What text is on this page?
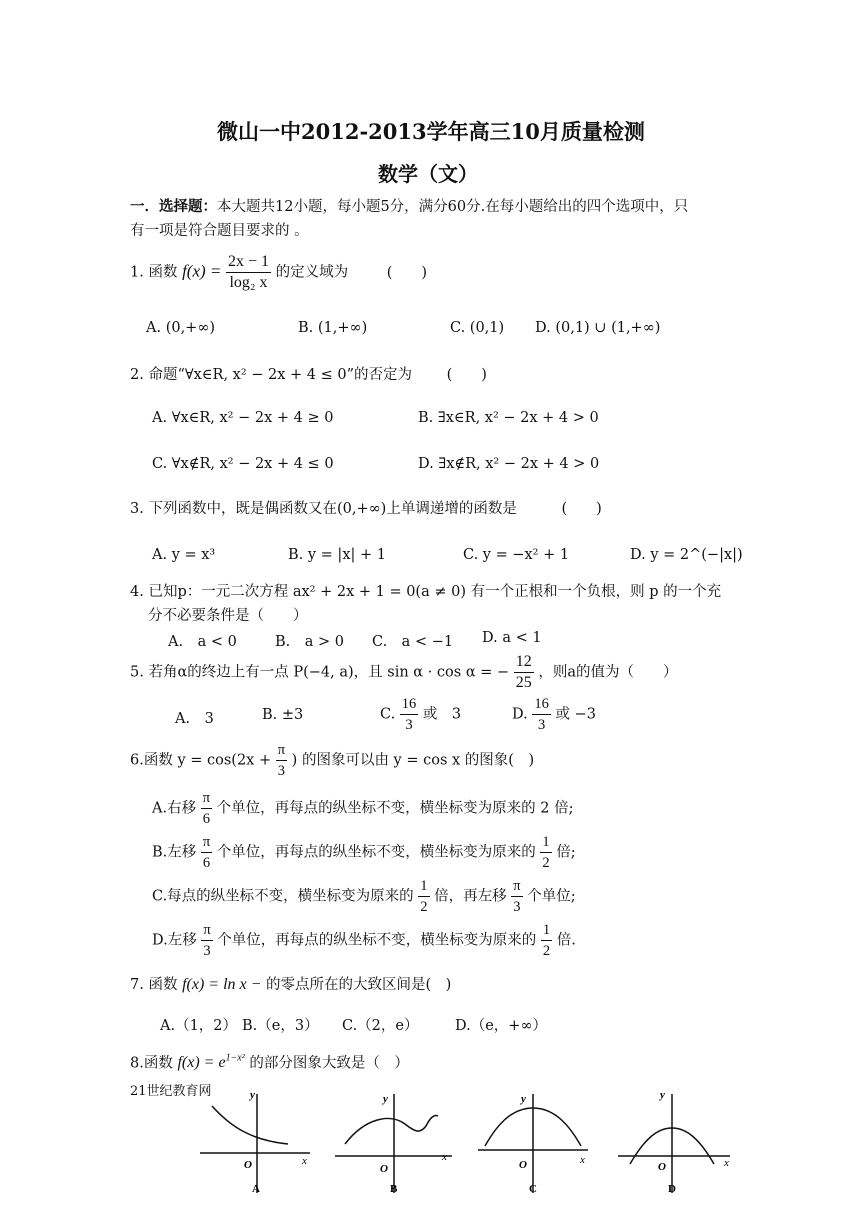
微山一中2012-2013学年高三10月质量检测
数学（文）
一．选择题：本大题共12小题，每小题5分，满分60分.在每小题给出的四个选项中，只
有一项是符合题目要求的 。
1. 函数 $f(x) = \frac{2x - 1}{\text{log₂ x}}$ 的定义域为	(　　)
A. (0,+∞)	B. (1,+∞)	C. (0,1) D. (0,1) ∪ (1,+∞)
2. 命题“∀x∈R, x² − 2x + 4 ≤ 0”的否定为 (　　)
A. ∀x∈R, x² − 2x + 4 ≥ 0	B. ∃x∈R, x² − 2x + 4 > 0
C. ∀x∉R, x² − 2x + 4 ≤ 0	D. ∃x∉R, x² − 2x + 4 > 0
3. 下列函数中，既是偶函数又在(0,+∞)上单调递增的函数是	(　　)
A. y = x³	B. y = |x| + 1	C. y = −x² + 1	D. y = 2^(−|x|)
4. 已知p：一元二次方程 ax² + 2x + 1 = 0(a ≠ 0) 有一个正根和一个负根，则 p 的一个充
分不必要条件是（　　）
A.　a < 0	B.　a > 0 C.　a < −1 D. a < 1
5. 若角α的终边上有一点 P(−4, a)，且 sin α · cos α = − $\frac{12}{25}$ ，则a的值为（　　）
A.　3	B. ±3	C. $\frac{16}{3}$ 或　3	D. $\frac{16}{3}$ 或 −3
6.函数 $y = \cos(2x + \frac{\pi}{3}$ ) 的图象可以由 y = cos x 的图象(　)
A.右移 $\frac{\pi}{6}$ 个单位，再每点的纵坐标不变，横坐标变为原来的 2 倍;
B.左移 $\frac{\pi}{6}$ 个单位，再每点的纵坐标不变，横坐标变为原来的 $\frac{1}{2}$ 倍;
C.每点的纵坐标不变，横坐标变为原来的 $\frac{1}{2}$ 倍，再左移 $\frac{\pi}{3}$ 个单位;
D.左移 $\frac{\pi}{3}$ 个单位，再每点的纵坐标不变，横坐标变为原来的 $\frac{1}{2}$ 倍.
7. 函数 f(x) = ln x − 的零点所在的大致区间是(　)
A.（1，2） B.（e，3） C.（2，e）	D.（e，+∞）
8.函数 $f(x) = e^{1-x^2}$ 的部分图象大致是（　）
21世纪教育网	y
x
O
A
y
x
O
B
y
x
O
C
y
x
O
D
